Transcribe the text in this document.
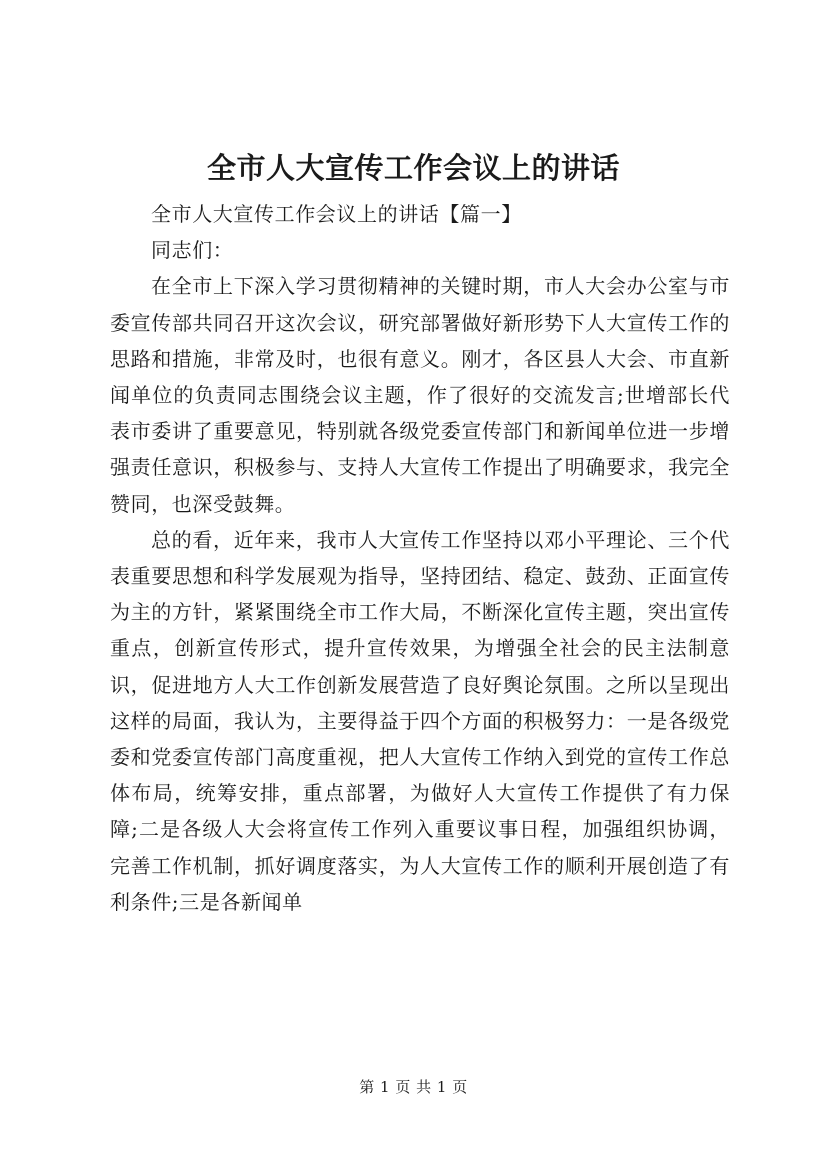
全市人大宣传工作会议上的讲话

全市人大宣传工作会议上的讲话【篇一】

同志们：

在全市上下深入学习贯彻精神的关键时期，市人大会办公室与市委宣传部共同召开这次会议，研究部署做好新形势下人大宣传工作的思路和措施，非常及时，也很有意义。刚才，各区县人大会、市直新闻单位的负责同志围绕会议主题，作了很好的交流发言;世增部长代表市委讲了重要意见，特别就各级党委宣传部门和新闻单位进一步增强责任意识，积极参与、支持人大宣传工作提出了明确要求，我完全赞同，也深受鼓舞。

总的看，近年来，我市人大宣传工作坚持以邓小平理论、三个代表重要思想和科学发展观为指导，坚持团结、稳定、鼓劲、正面宣传为主的方针，紧紧围绕全市工作大局，不断深化宣传主题，突出宣传重点，创新宣传形式，提升宣传效果，为增强全社会的民主法制意识，促进地方人大工作创新发展营造了良好舆论氛围。之所以呈现出这样的局面，我认为，主要得益于四个方面的积极努力：一是各级党委和党委宣传部门高度重视，把人大宣传工作纳入到党的宣传工作总体布局，统筹安排，重点部署，为做好人大宣传工作提供了有力保障;二是各级人大会将宣传工作列入重要议事日程，加强组织协调，完善工作机制，抓好调度落实，为人大宣传工作的顺利开展创造了有利条件;三是各新闻单

第 1 页 共 1 页
